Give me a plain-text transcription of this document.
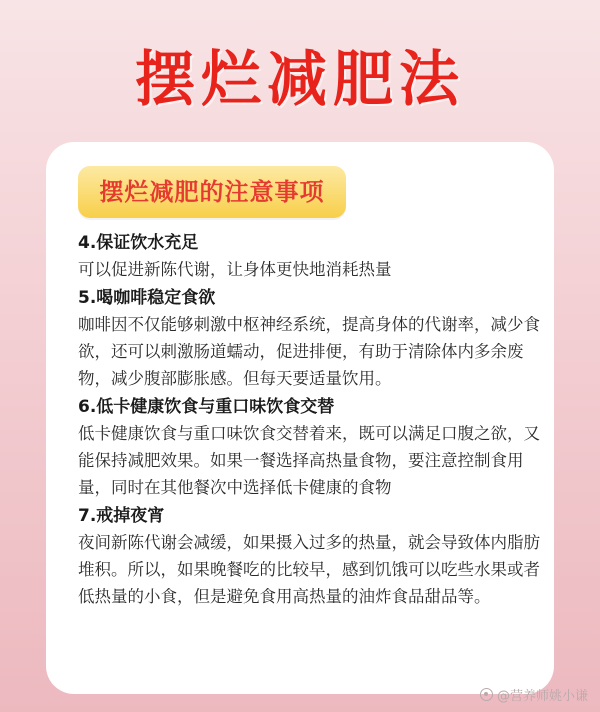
摆烂减肥法
摆烂减肥的注意事项

4.保证饮水充足

可以促进新陈代谢，让身体更快地消耗热量

5.喝咖啡稳定食欲

咖啡因不仅能够刺激中枢神经系统，提高身体的代谢率，减少食欲，还可以刺激肠道蠕动，促进排便，有助于清除体内多余废物，减少腹部膨胀感。但每天要适量饮用。

6.低卡健康饮食与重口味饮食交替

低卡健康饮食与重口味饮食交替着来，既可以满足口腹之欲，又能保持减肥效果。如果一餐选择高热量食物，要注意控制食用量，同时在其他餐次中选择低卡健康的食物

7.戒掉夜宵

夜间新陈代谢会减缓，如果摄入过多的热量，就会导致体内脂肪堆积。所以，如果晚餐吃的比较早，感到饥饿可以吃些水果或者低热量的小食，但是避免食用高热量的油炸食品甜品等。

@营养师姚小谦
